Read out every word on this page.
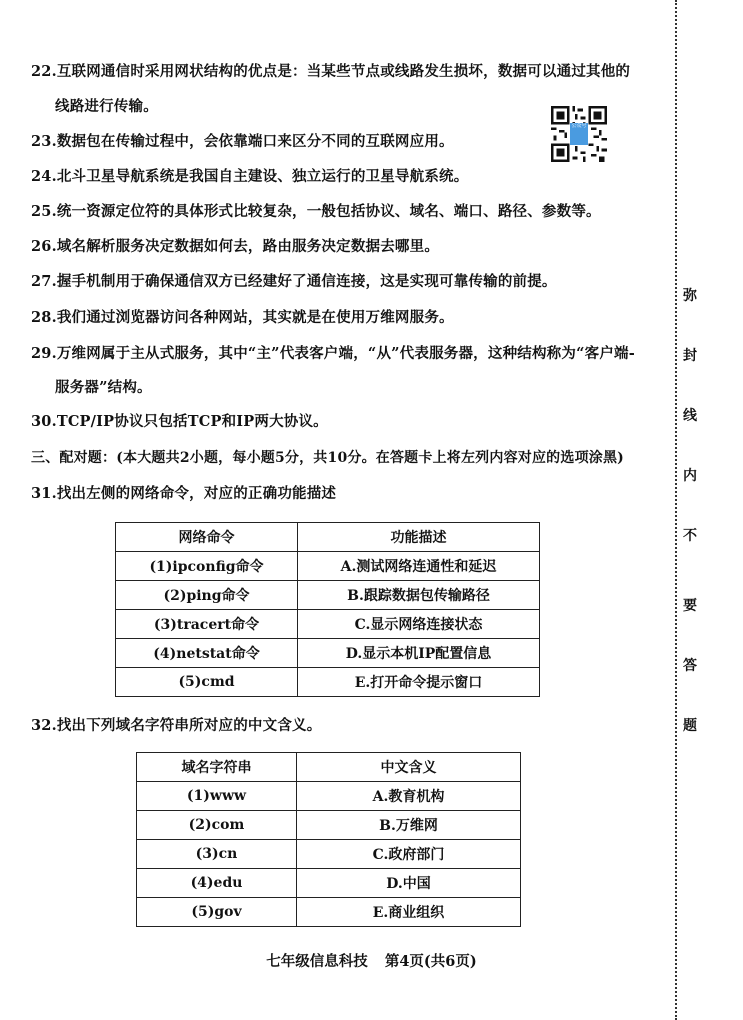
22.互联网通信时采用网状结构的优点是：当某些节点或线路发生损坏，数据可以通过其他的
线路进行传输。
23.数据包在传输过程中，会依靠端口来区分不同的互联网应用。
24.北斗卫星导航系统是我国自主建设、独立运行的卫星导航系统。
25.统一资源定位符的具体形式比较复杂，一般包括协议、域名、端口、路径、参数等。
26.域名解析服务决定数据如何去，路由服务决定数据去哪里。
27.握手机制用于确保通信双方已经建好了通信连接，这是实现可靠传输的前提。
28.我们通过浏览器访问各种网站，其实就是在使用万维网服务。
29.万维网属于主从式服务，其中“主”代表客户端，“从”代表服务器，这种结构称为“客户端-
服务器”结构。
30.TCP/IP协议只包括TCP和IP两大协议。
三、配对题：(本大题共2小题，每小题5分，共10分。在答题卡上将左列内容对应的选项涂黑)
31.找出左侧的网络命令，对应的正确功能描述
网络命令	功能描述
(1)ipconfig命令	A.测试网络连通性和延迟
(2)ping命令	B.跟踪数据包传输路径
(3)tracert命令	C.显示网络连接状态
(4)netstat命令	D.显示本机IP配置信息
(5)cmd	E.打开命令提示窗口
32.找出下列域名字符串所对应的中文含义。
域名字符串	中文含义
(1)www	A.教育机构
(2)com	B.万维网
(3)cn	C.政府部门
(4)edu	D.中国
(5)gov	E.商业组织
七年级信息科技 第4页(共6页)
公众号
弥
封
线
内
不
要
答
题
